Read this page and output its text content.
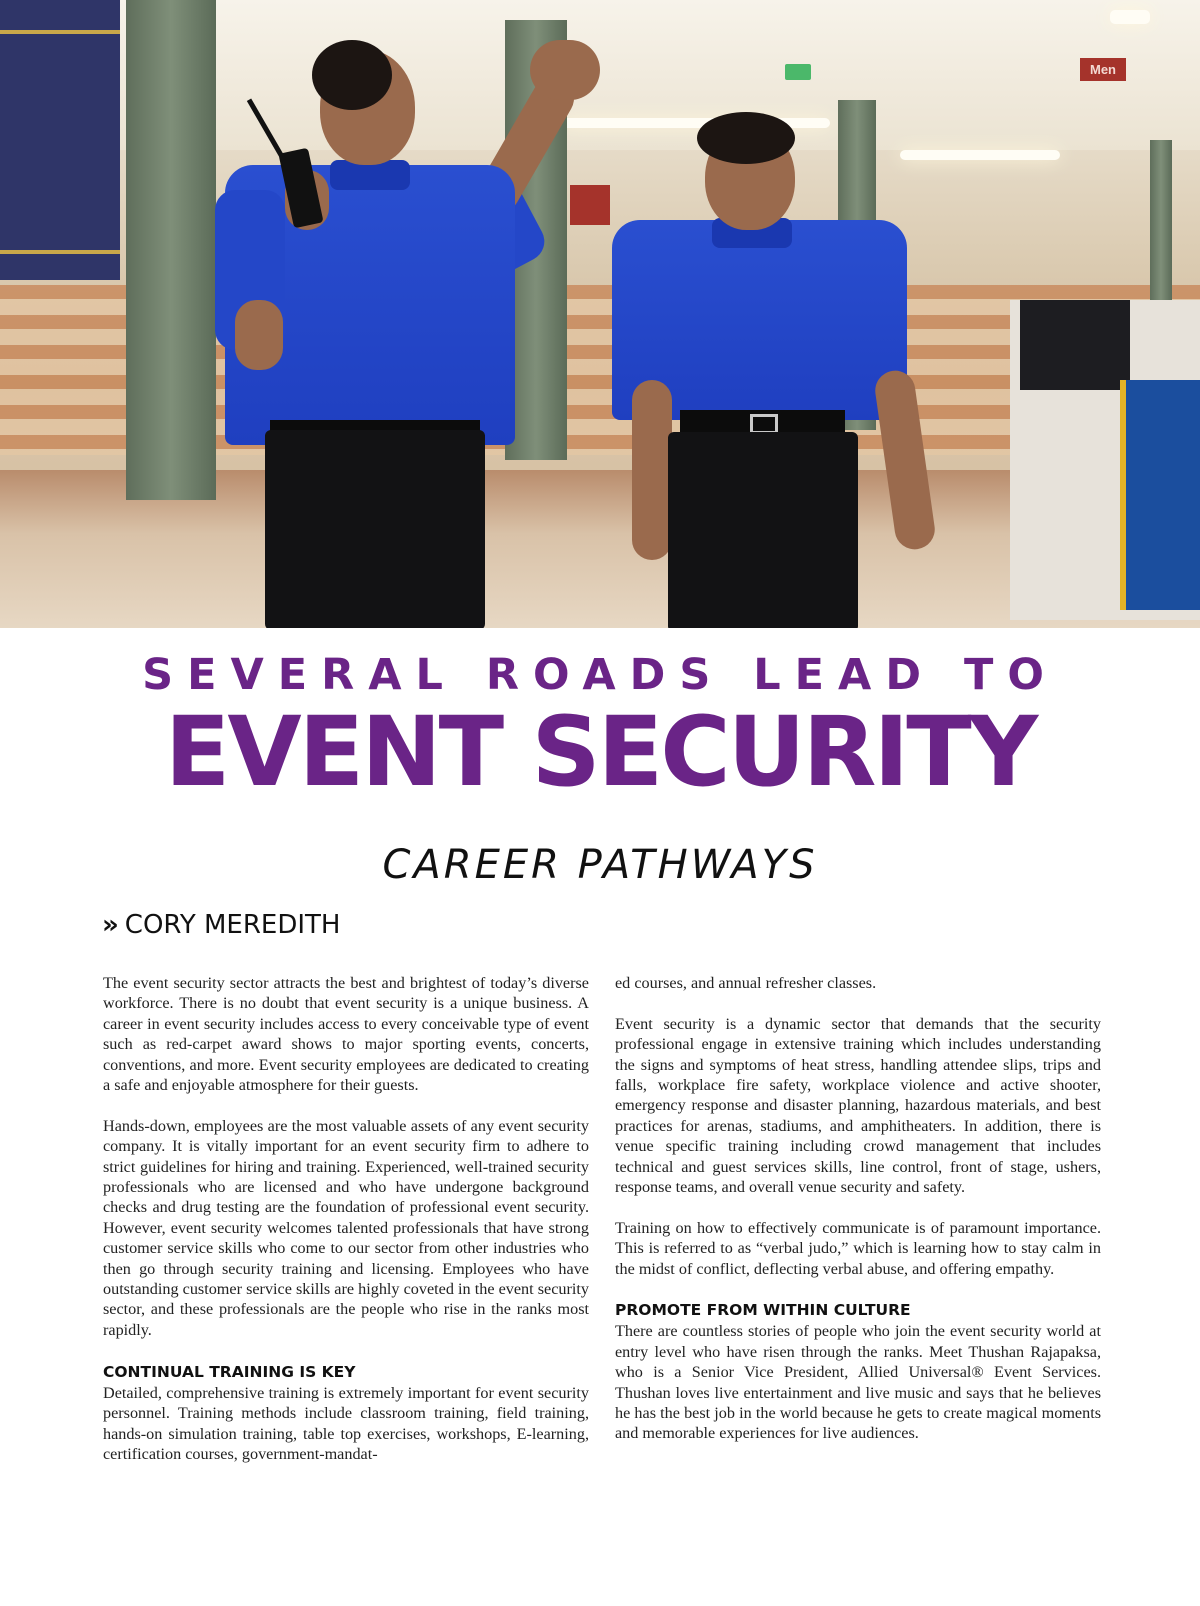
Men
SEVERAL ROADS LEAD TO
EVENT SECURITY
CAREER PATHWAYS
» CORY MEREDITH

The event security sector attracts the best and brightest of today’s diverse workforce. There is no doubt that event security is a unique business. A career in event security includes access to every conceivable type of event such as red-carpet award shows to major sporting events, concerts, conventions, and more. Event security employees are dedicated to creating a safe and enjoyable atmosphere for their guests.

Hands-down, employees are the most valuable assets of any event security company. It is vitally important for an event security firm to adhere to strict guidelines for hiring and training. Experienced, well-trained security professionals who are licensed and who have undergone background checks and drug testing are the foundation of professional event security. However, event security welcomes talented professionals that have strong customer service skills who come to our sector from other industries who then go through security training and licensing. Employees who have outstanding customer service skills are highly coveted in the event security sector, and these professionals are the people who rise in the ranks most rapidly.

CONTINUAL TRAINING IS KEY

Detailed, comprehensive training is extremely important for event security personnel. Training methods include classroom training, field training, hands-on simulation training, table top exercises, workshops, E-learning, certification courses, government-mandat-

ed courses, and annual refresher classes.

Event security is a dynamic sector that demands that the security professional engage in extensive training which includes understanding the signs and symptoms of heat stress, handling attendee slips, trips and falls, workplace fire safety, workplace violence and active shooter, emergency response and disaster planning, hazardous materials, and best practices for arenas, stadiums, and amphitheaters. In addition, there is venue specific training including crowd management that includes technical and guest services skills, line control, front of stage, ushers, response teams, and overall venue security and safety.

Training on how to effectively communicate is of paramount importance. This is referred to as “verbal judo,” which is learning how to stay calm in the midst of conflict, deflecting verbal abuse, and offering empathy.

PROMOTE FROM WITHIN CULTURE

There are countless stories of people who join the event security world at entry level who have risen through the ranks. Meet Thushan Rajapaksa, who is a Senior Vice President, Allied Universal® Event Services. Thushan loves live entertainment and live music and says that he believes he has the best job in the world because he gets to create magical moments and memorable experiences for live audiences.
